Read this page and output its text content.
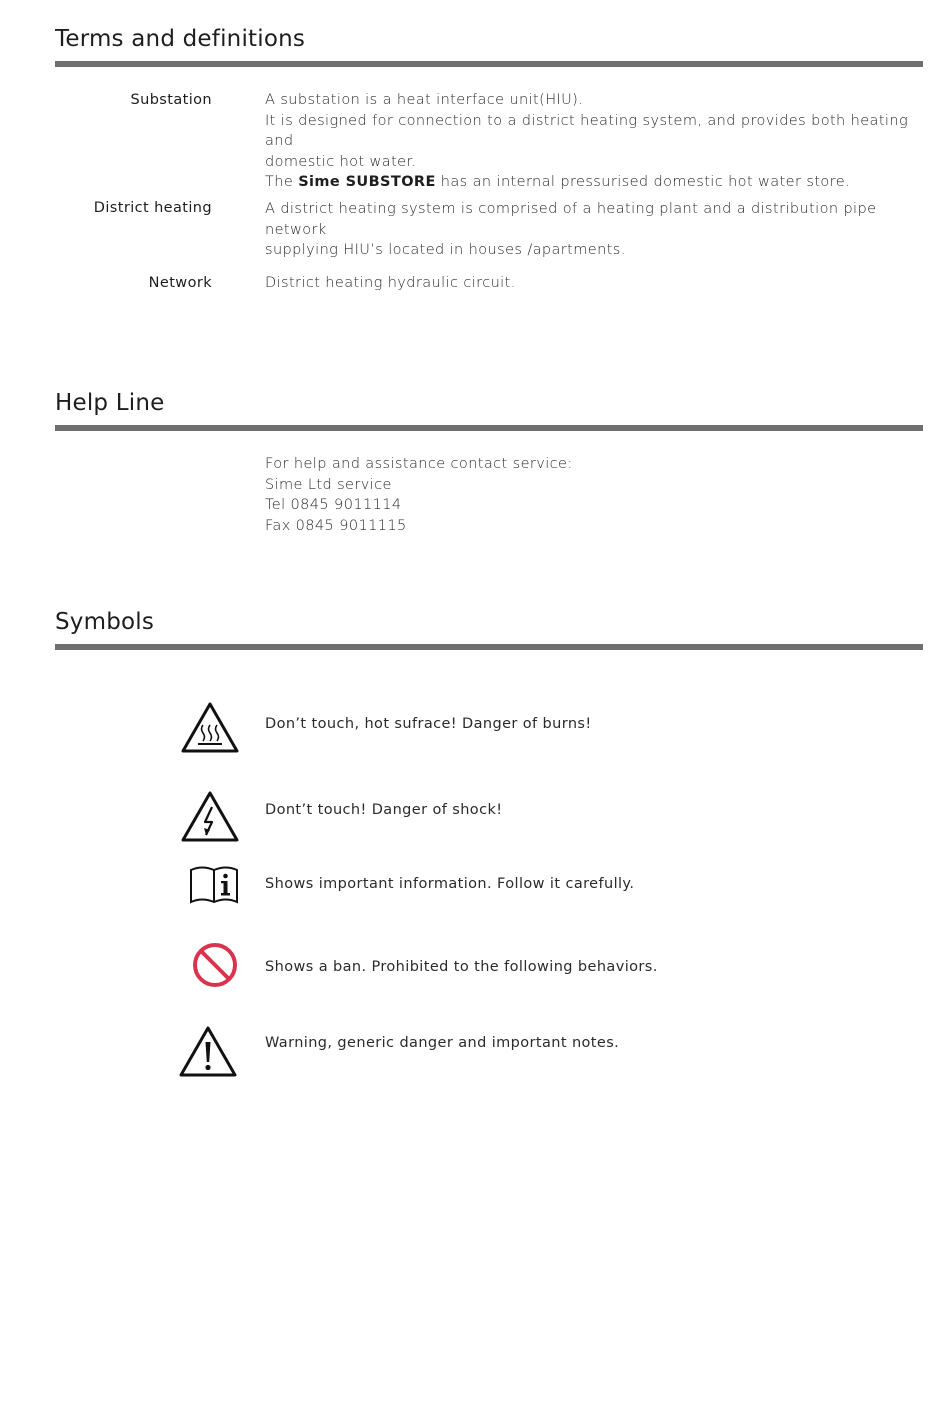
Terms and definitions
Substation	A substation is a heat interface unit(HIU).

It is designed for connection to a district heating system, and provides both heating and

domestic hot water.

The Sime SUBSTORE has an internal pressurised domestic hot water store.

District heating	A district heating system is comprised of a heating plant and a distribution pipe network

supplying HIU’s located in houses /apartments.

Network	District heating hydraulic circuit.

Help Line

For help and assistance contact service:

Sime Ltd service

Tel 0845 9011114

Fax 0845 9011115

Symbols
Don’t touch, hot sufrace! Danger of burns!
Dont’t touch! Danger of shock!
Shows important information. Follow it carefully.
Shows a ban. Prohibited to the following behaviors.
Warning, generic danger and important notes.
